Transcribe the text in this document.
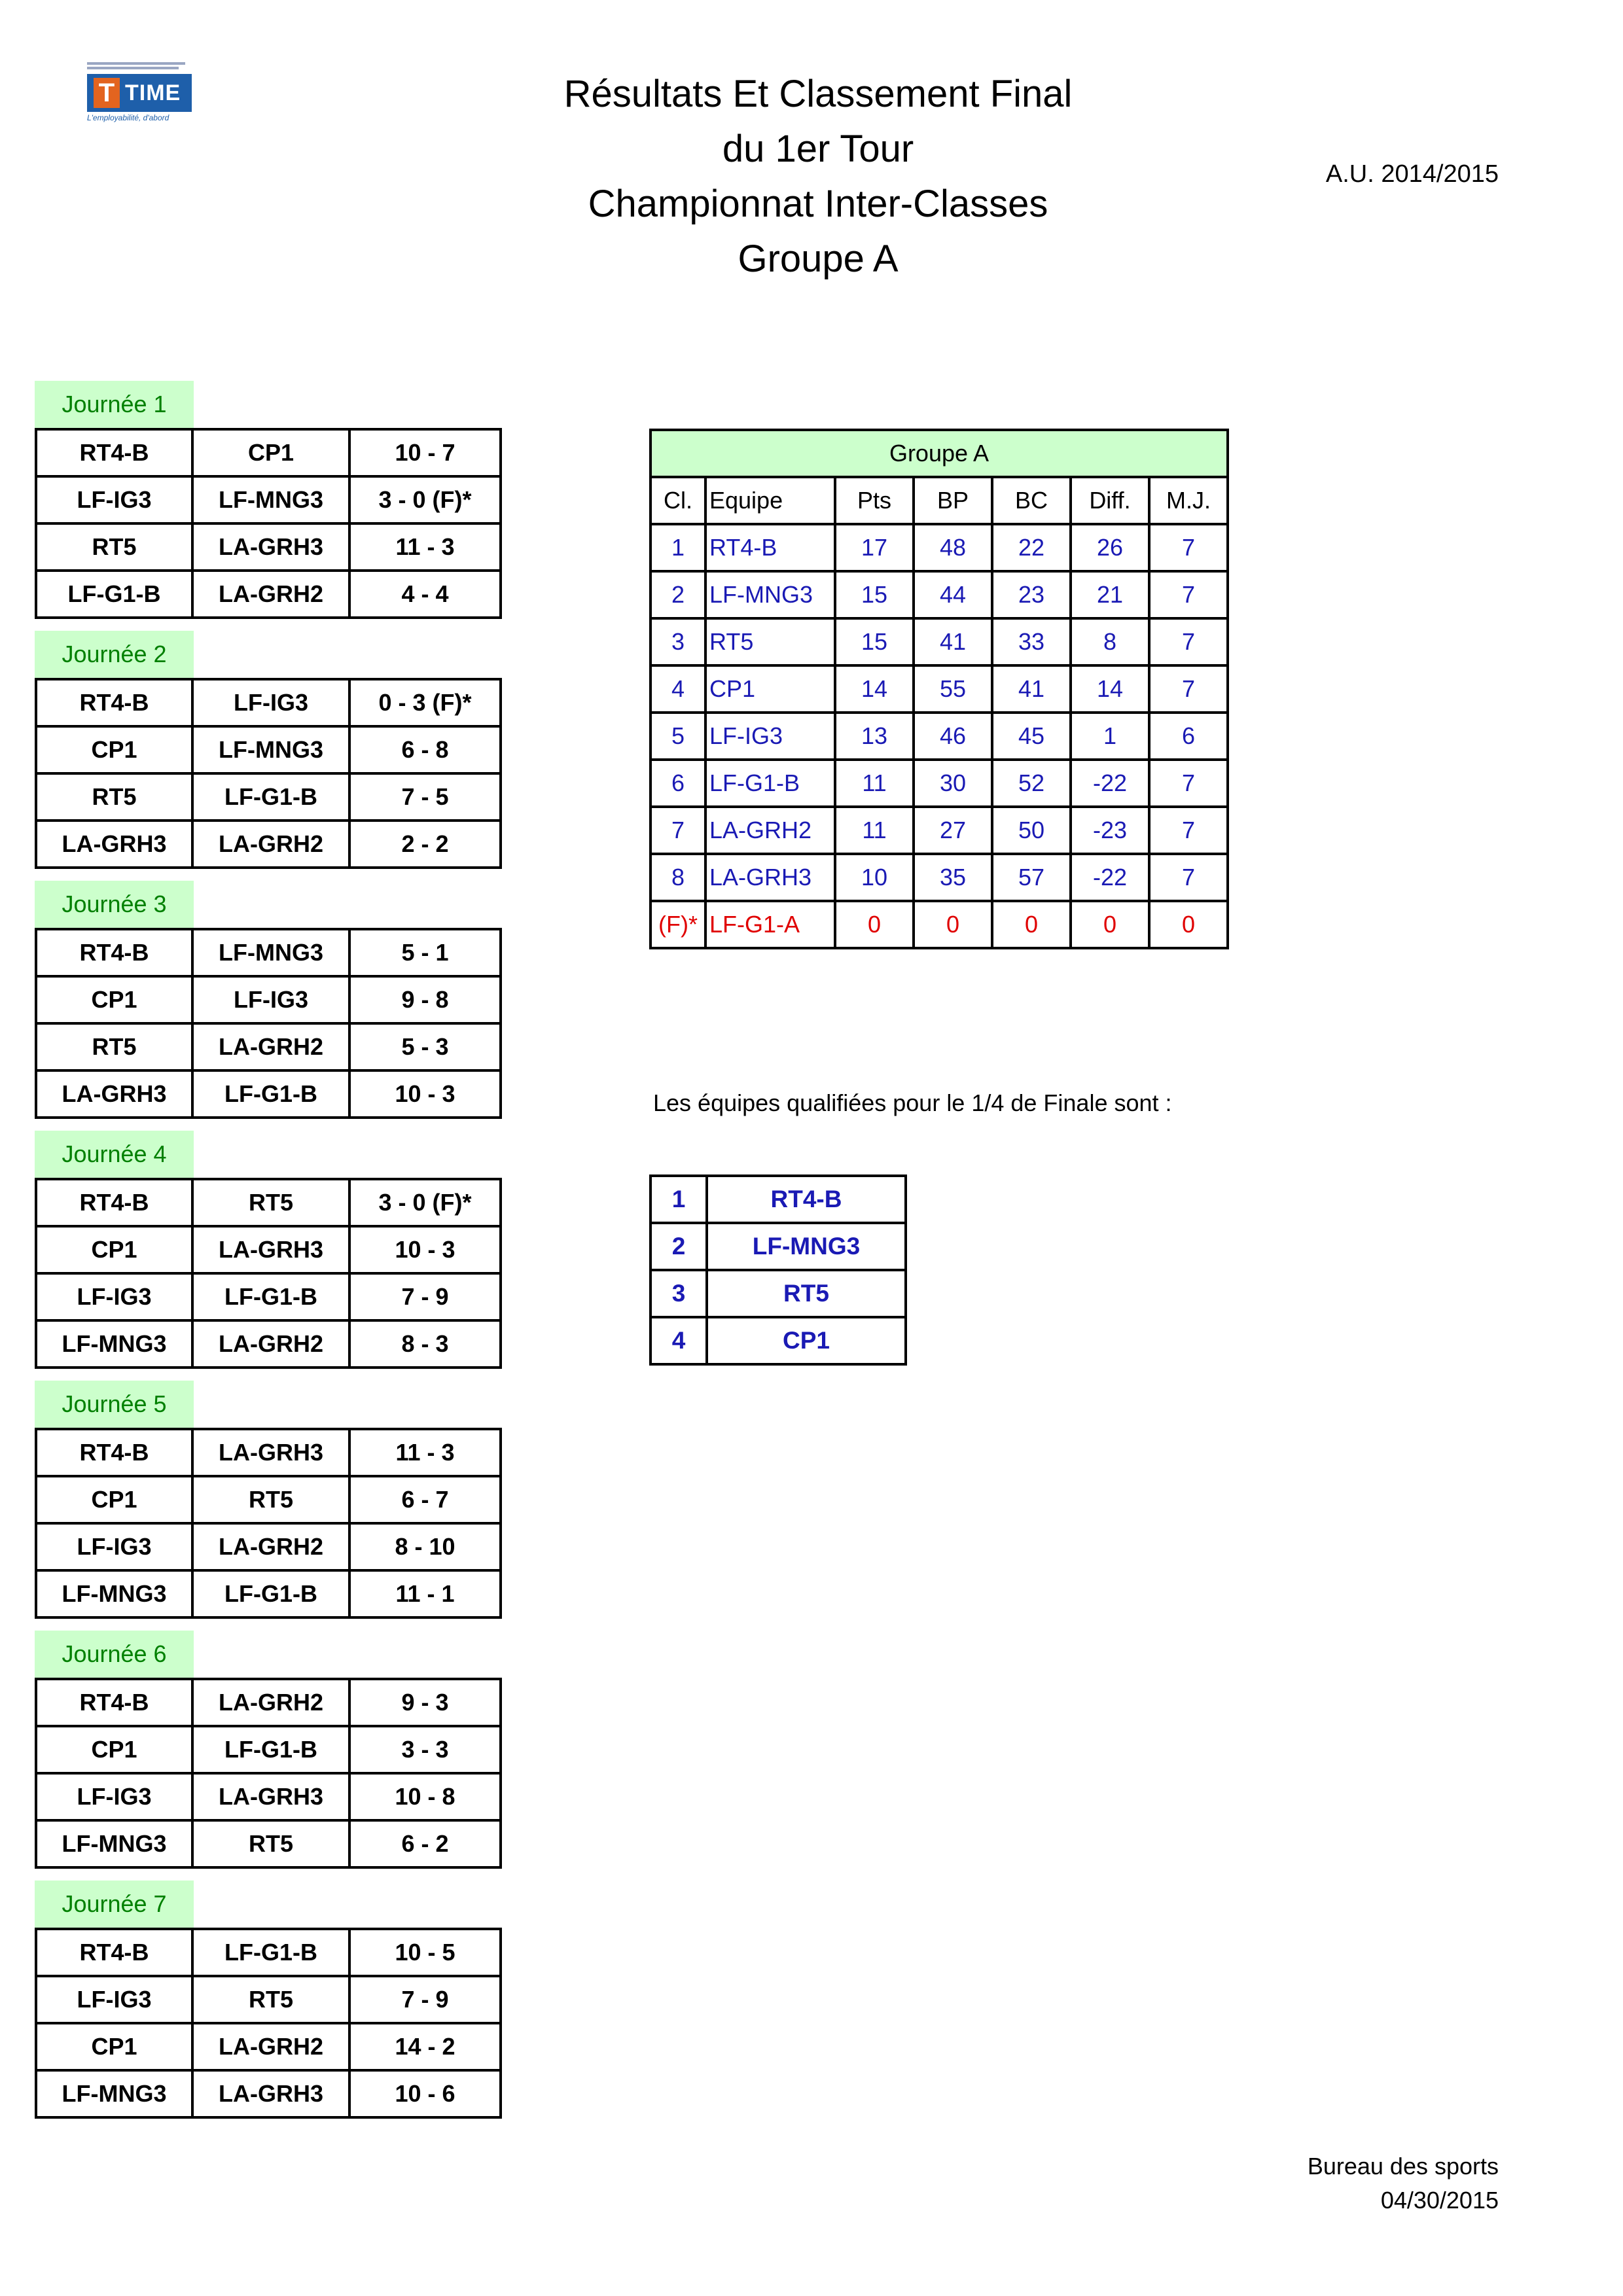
T TIME
L'employabilité, d'abord
Résultats Et Classement Final
du 1er Tour
Championnat Inter-Classes
Groupe A
A.U. 2014/2015
Journée 1
RT4-B	CP1	10 - 7
LF-IG3	LF-MNG3	3 - 0 (F)*
RT5	LA-GRH3	11 - 3
LF-G1-B	LA-GRH2	4 - 4
Journée 2
RT4-B	LF-IG3	0 - 3 (F)*
CP1	LF-MNG3	6 - 8
RT5	LF-G1-B	7 - 5
LA-GRH3	LA-GRH2	2 - 2
Journée 3
RT4-B	LF-MNG3	5 - 1
CP1	LF-IG3	9 - 8
RT5	LA-GRH2	5 - 3
LA-GRH3	LF-G1-B	10 - 3
Journée 4
RT4-B	RT5	3 - 0 (F)*
CP1	LA-GRH3	10 - 3
LF-IG3	LF-G1-B	7 - 9
LF-MNG3	LA-GRH2	8 - 3
Journée 5
RT4-B	LA-GRH3	11 - 3
CP1	RT5	6 - 7
LF-IG3	LA-GRH2	8 - 10
LF-MNG3	LF-G1-B	11 - 1
Journée 6
RT4-B	LA-GRH2	9 - 3
CP1	LF-G1-B	3 - 3
LF-IG3	LA-GRH3	10 - 8
LF-MNG3	RT5	6 - 2
Journée 7
RT4-B	LF-G1-B	10 - 5
LF-IG3	RT5	7 - 9
CP1	LA-GRH2	14 - 2
LF-MNG3	LA-GRH3	10 - 6
Groupe A						
Cl.	Equipe	Pts	BP	BC	Diff.	M.J.
1	RT4-B	17	48	22	26	7
2	LF-MNG3	15	44	23	21	7
3	RT5	15	41	33	8	7
4	CP1	14	55	41	14	7
5	LF-IG3	13	46	45	1	6
6	LF-G1-B	11	30	52	-22	7
7	LA-GRH2	11	27	50	-23	7
8	LA-GRH3	10	35	57	-22	7
(F)*	LF-G1-A	0	0	0	0	0
Les équipes qualifiées pour le 1/4 de Finale sont :
1	RT4-B
2	LF-MNG3
3	RT5
4	CP1
Bureau des sports
04/30/2015
